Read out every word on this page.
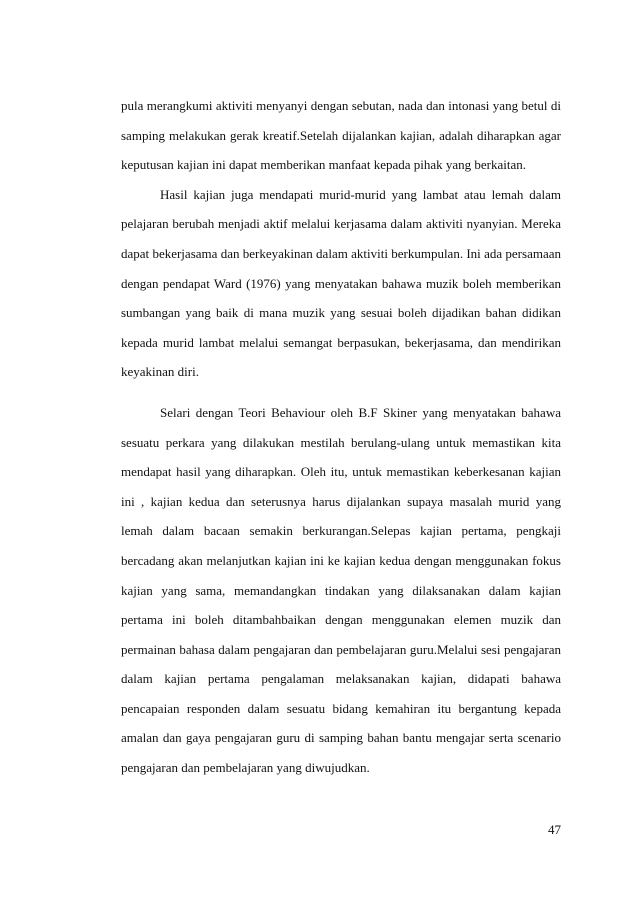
pula merangkumi aktiviti menyanyi dengan sebutan, nada dan intonasi yang betul di samping melakukan gerak kreatif.Setelah dijalankan kajian, adalah diharapkan agar keputusan kajian ini dapat memberikan manfaat kepada pihak yang berkaitan.

Hasil kajian juga mendapati murid-murid yang lambat atau lemah dalam pelajaran berubah menjadi aktif melalui kerjasama dalam aktiviti nyanyian. Mereka dapat bekerjasama dan berkeyakinan dalam aktiviti berkumpulan. Ini ada persamaan dengan pendapat Ward (1976) yang menyatakan bahawa muzik boleh memberikan sumbangan yang baik di mana muzik yang sesuai boleh dijadikan bahan didikan kepada murid lambat melalui semangat berpasukan, bekerjasama, dan mendirikan keyakinan diri.

Selari dengan Teori Behaviour oleh B.F Skiner yang menyatakan bahawa sesuatu perkara yang dilakukan mestilah berulang-ulang untuk memastikan kita mendapat hasil yang diharapkan. Oleh itu, untuk memastikan keberkesanan kajian ini , kajian kedua dan seterusnya harus dijalankan supaya masalah murid yang lemah dalam bacaan semakin berkurangan.Selepas kajian pertama, pengkaji bercadang akan melanjutkan kajian ini ke kajian kedua dengan menggunakan fokus kajian yang sama, memandangkan tindakan yang dilaksanakan dalam kajian pertama ini boleh ditambahbaikan dengan menggunakan elemen muzik dan permainan bahasa dalam pengajaran dan pembelajaran guru.Melalui sesi pengajaran dalam kajian pertama pengalaman melaksanakan kajian, didapati bahawa pencapaian responden dalam sesuatu bidang kemahiran itu bergantung kepada amalan dan gaya pengajaran guru di samping bahan bantu mengajar serta scenario pengajaran dan pembelajaran yang diwujudkan.

47
